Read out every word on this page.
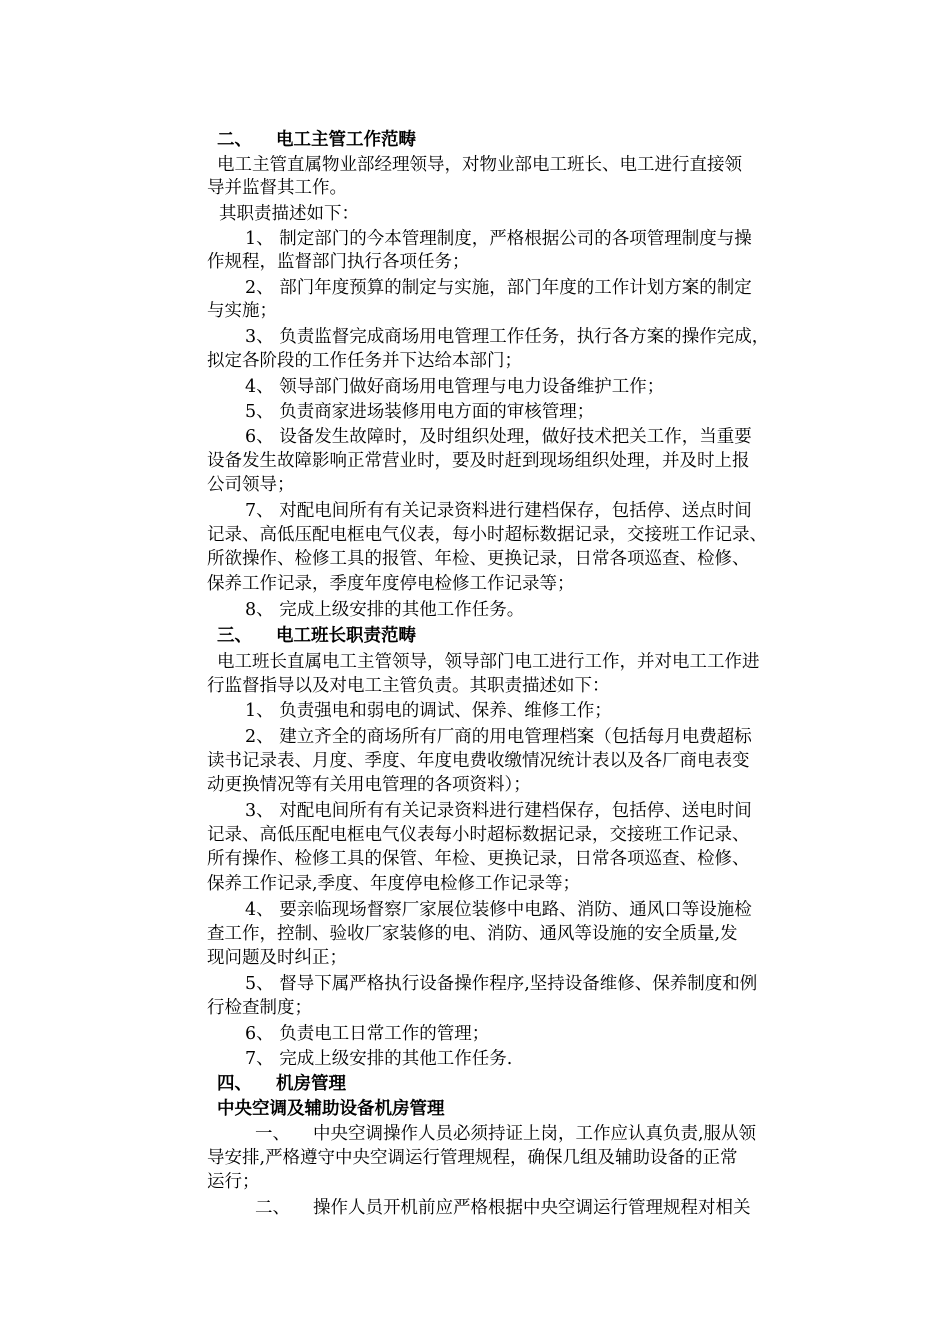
二、 电工主管工作范畴
电工主管直属物业部经理领导，对物业部电工班长、电工进行直接领
导并监督其工作。
其职责描述如下：
1、 制定部门的今本管理制度，严格根据公司的各项管理制度与操
作规程，监督部门执行各项任务；
2、 部门年度预算的制定与实施，部门年度的工作计划方案的制定
与实施；
3、 负责监督完成商场用电管理工作任务，执行各方案的操作完成，
拟定各阶段的工作任务并下达给本部门；
4、 领导部门做好商场用电管理与电力设备维护工作；
5、 负责商家进场装修用电方面的审核管理；
6、 设备发生故障时，及时组织处理，做好技术把关工作，当重要
设备发生故障影响正常营业时，要及时赶到现场组织处理，并及时上报
公司领导；
7、 对配电间所有有关记录资料进行建档保存，包括停、送点时间
记录、高低压配电框电气仪表，每小时超标数据记录，交接班工作记录、
所欲操作、检修工具的报管、年检、更换记录，日常各项巡查、检修、
保养工作记录，季度年度停电检修工作记录等；
8、 完成上级安排的其他工作任务。
三、 电工班长职责范畴
电工班长直属电工主管领导，领导部门电工进行工作，并对电工工作进
行监督指导以及对电工主管负责。其职责描述如下：
1、 负责强电和弱电的调试、保养、维修工作；
2、 建立齐全的商场所有厂商的用电管理档案（包括每月电费超标
读书记录表、月度、季度、年度电费收缴情况统计表以及各厂商电表变
动更换情况等有关用电管理的各项资料）；
3、 对配电间所有有关记录资料进行建档保存，包括停、送电时间
记录、高低压配电框电气仪表每小时超标数据记录，交接班工作记录、
所有操作、检修工具的保管、年检、更换记录，日常各项巡查、检修、
保养工作记录,季度、年度停电检修工作记录等；
4、 要亲临现场督察厂家展位装修中电路、消防、通风口等设施检
查工作，控制、验收厂家装修的电、消防、通风等设施的安全质量,发
现问题及时纠正；
5、 督导下属严格执行设备操作程序,坚持设备维修、保养制度和例
行检查制度；
6、 负责电工日常工作的管理；
7、 完成上级安排的其他工作任务.
四、 机房管理
中央空调及辅助设备机房管理
一、 中央空调操作人员必须持证上岗，工作应认真负责,服从领
导安排,严格遵守中央空调运行管理规程，确保几组及辅助设备的正常
运行；
二、 操作人员开机前应严格根据中央空调运行管理规程对相关
